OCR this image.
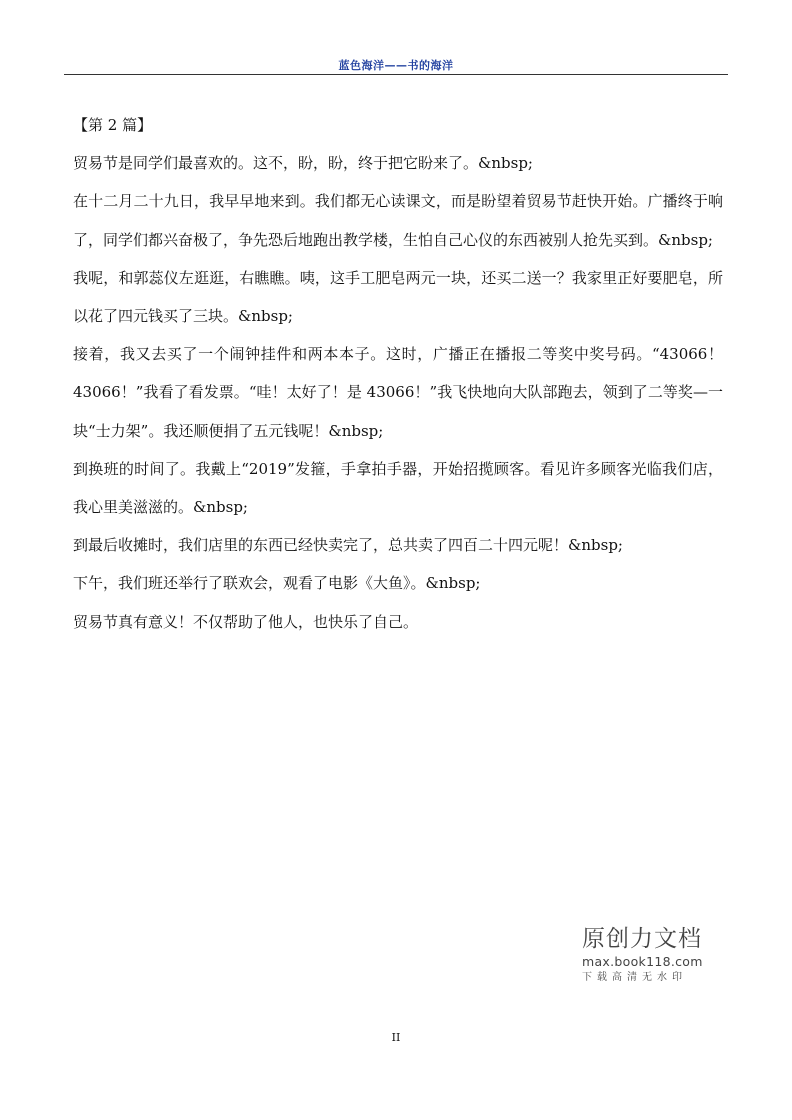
蓝色海洋——书的海洋

【第 2 篇】

贸易节是同学们最喜欢的。这不，盼，盼，终于把它盼来了。&nbsp;

在十二月二十九日，我早早地来到。我们都无心读课文，而是盼望着贸易节赶快开始。广播终于响了，同学们都兴奋极了，争先恐后地跑出教学楼，生怕自己心仪的东西被别人抢先买到。&nbsp;

我呢，和郭蕊仪左逛逛，右瞧瞧。咦，这手工肥皂两元一块，还买二送一？我家里正好要肥皂，所以花了四元钱买了三块。&nbsp;

接着，我又去买了一个闹钟挂件和两本本子。这时，广播正在播报二等奖中奖号码。“43066！43066！”我看了看发票。“哇！太好了！是 43066！”我飞快地向大队部跑去，领到了二等奖—一块“士力架”。我还顺便捐了五元钱呢！&nbsp;

到换班的时间了。我戴上“2019”发箍，手拿拍手器，开始招揽顾客。看见许多顾客光临我们店，我心里美滋滋的。&nbsp;

到最后收摊时，我们店里的东西已经快卖完了，总共卖了四百二十四元呢！&nbsp;

下午，我们班还举行了联欢会，观看了电影《大鱼》。&nbsp;

贸易节真有意义！不仅帮助了他人，也快乐了自己。

原创力文档
max.book118.com
下载高清无水印
II
